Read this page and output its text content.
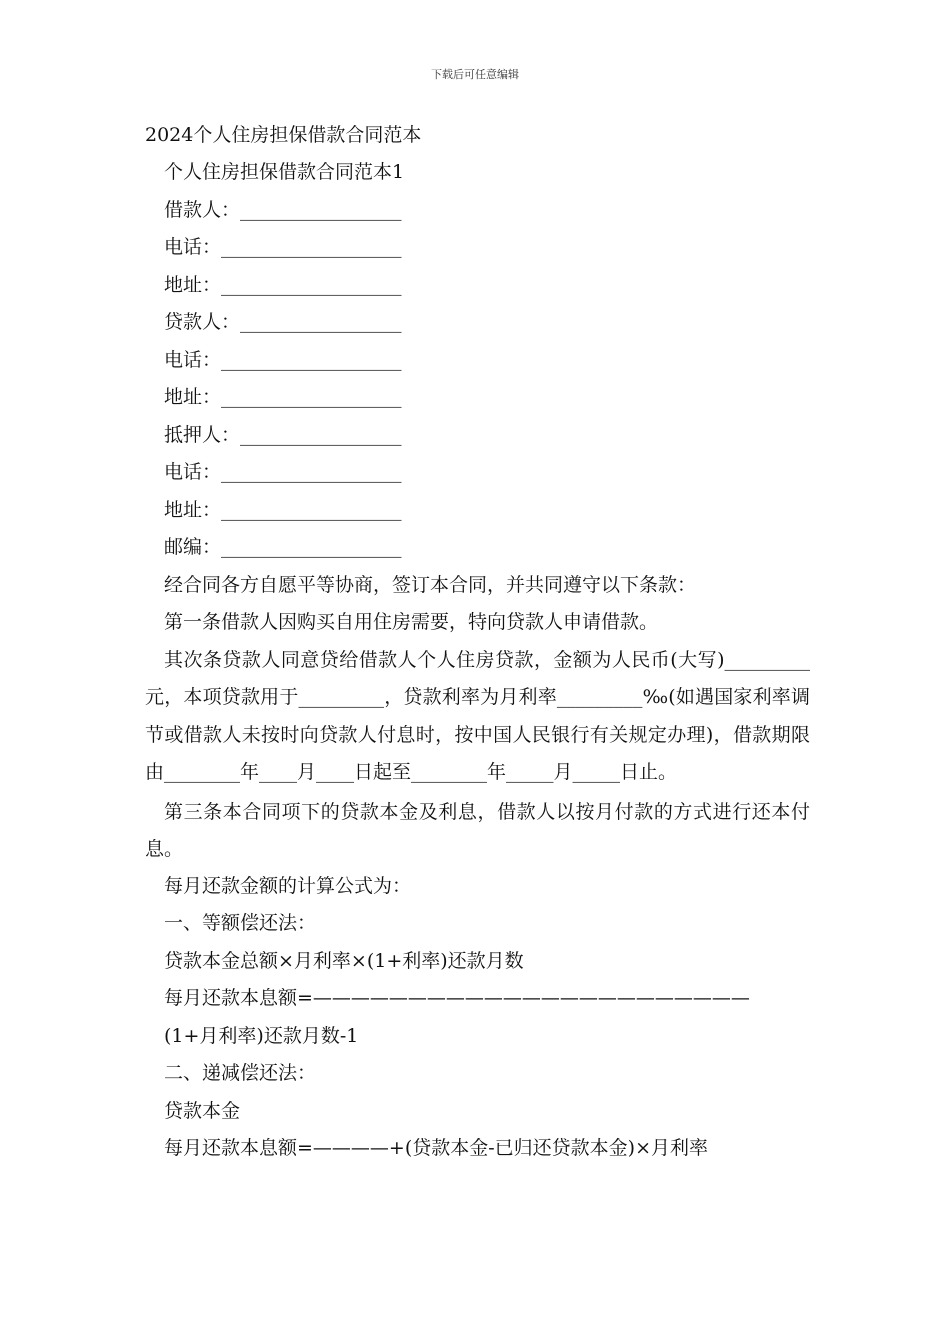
下载后可任意编辑

2024个人住房担保借款合同范本

个人住房担保借款合同范本1

借款人：_________________

电话：___________________

地址：___________________

贷款人：_________________

电话：___________________

地址：___________________

抵押人：_________________

电话：___________________

地址：___________________

邮编：___________________

经合同各方自愿平等协商，签订本合同，并共同遵守以下条款：

第一条借款人因购买自用住房需要，特向贷款人申请借款。

其次条贷款人同意贷给借款人个人住房贷款，金额为人民币(大写)_________元，本项贷款用于_________，贷款利率为月利率_________‰(如遇国家利率调节或借款人未按时向贷款人付息时，按中国人民银行有关规定办理)，借款期限由________年____月____日起至________年_____月_____日止。

第三条本合同项下的贷款本金及利息，借款人以按月付款的方式进行还本付息。

每月还款金额的计算公式为：

一、等额偿还法：

贷款本金总额×月利率×(1+利率)还款月数

每月还款本息额=———————————————————————

(1+月利率)还款月数-1

二、递减偿还法：

贷款本金

每月还款本息额=————+(贷款本金-已归还贷款本金)×月利率
